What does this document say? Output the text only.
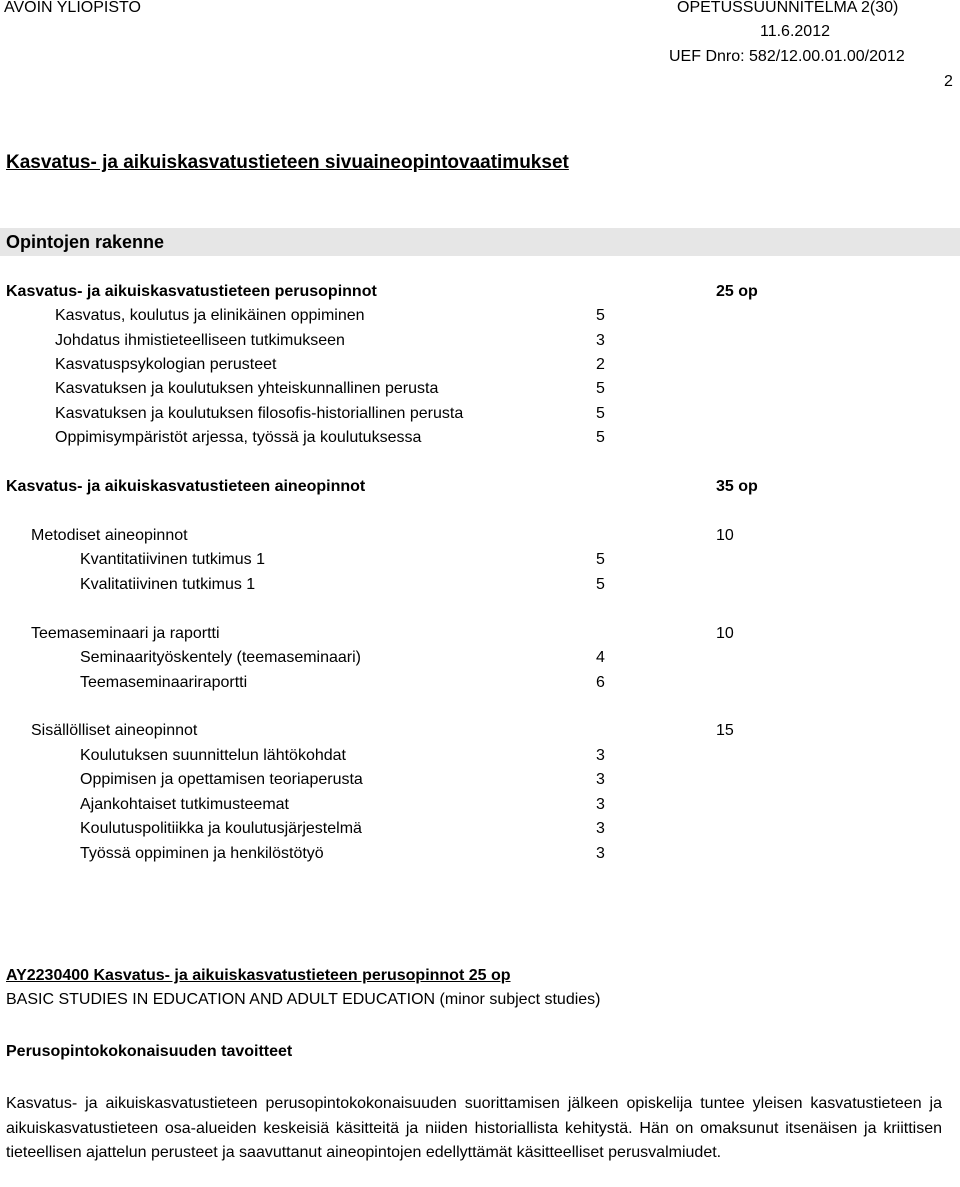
AVOIN YLIOPISTO	OPETUSSUUNNITELMA 2(30)
11.6.2012
UEF Dnro: 582/12.00.01.00/2012
2
Kasvatus- ja aikuiskasvatustieteen sivuaineopintovaatimukset
Opintojen rakenne
Kasvatus- ja aikuiskasvatustieteen perusopinnot	25 op
Kasvatus, koulutus ja elinikäinen oppiminen	5
Johdatus ihmistieteelliseen tutkimukseen	3
Kasvatuspsykologian perusteet	2
Kasvatuksen ja koulutuksen yhteiskunnallinen perusta	5
Kasvatuksen ja koulutuksen filosofis-historiallinen perusta	5
Oppimisympäristöt arjessa, työssä ja koulutuksessa	5
Kasvatus- ja aikuiskasvatustieteen aineopinnot	35 op
Metodiset aineopinnot	10
Kvantitatiivinen tutkimus 1	5
Kvalitatiivinen tutkimus 1	5
Teemaseminaari ja raportti	10
Seminaarityöskentely (teemaseminaari)	4
Teemaseminaariraportti	6
Sisällölliset aineopinnot	15
Koulutuksen suunnittelun lähtökohdat	3
Oppimisen ja opettamisen teoriaperusta	3
Ajankohtaiset tutkimusteemat	3
Koulutuspolitiikka ja koulutusjärjestelmä	3
Työssä oppiminen ja henkilöstötyö	3
AY2230400 Kasvatus- ja aikuiskasvatustieteen perusopinnot 25 op
BASIC STUDIES IN EDUCATION AND ADULT EDUCATION (minor subject studies)
Perusopintokokonaisuuden tavoitteet
Kasvatus- ja aikuiskasvatustieteen perusopintokokonaisuuden suorittamisen jälkeen opiskelija tuntee yleisen kasvatustieteen ja aikuiskasvatustieteen osa-alueiden keskeisiä käsitteitä ja niiden historiallista kehitystä. Hän on omaksunut itsenäisen ja kriittisen tieteellisen ajattelun perusteet ja saavuttanut aineopintojen edellyttämät käsitteelliset perusvalmiudet.
